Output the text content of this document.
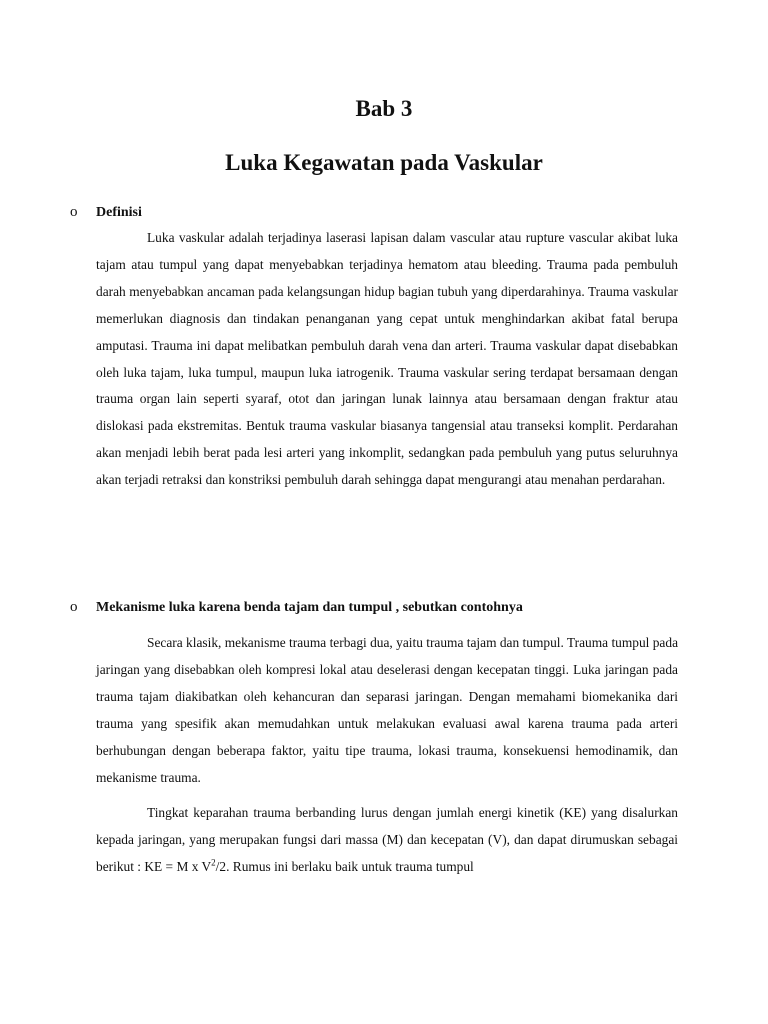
Bab 3
Luka Kegawatan pada Vaskular
o Definisi

Luka vaskular adalah terjadinya laserasi lapisan dalam vascular atau rupture vascular akibat luka tajam atau tumpul yang dapat menyebabkan terjadinya hematom atau bleeding. Trauma pada pembuluh darah menyebabkan ancaman pada kelangsungan hidup bagian tubuh yang diperdarahinya. Trauma vaskular memerlukan diagnosis dan tindakan penanganan yang cepat untuk menghindarkan akibat fatal berupa amputasi. Trauma ini dapat melibatkan pembuluh darah vena dan arteri. Trauma vaskular dapat disebabkan oleh luka tajam, luka tumpul, maupun luka iatrogenik. Trauma vaskular sering terdapat bersamaan dengan trauma organ lain seperti syaraf, otot dan jaringan lunak lainnya atau bersamaan dengan fraktur atau dislokasi pada ekstremitas. Bentuk trauma vaskular biasanya tangensial atau transeksi komplit. Perdarahan akan menjadi lebih berat pada lesi arteri yang inkomplit, sedangkan pada pembuluh yang putus seluruhnya akan terjadi retraksi dan konstriksi pembuluh darah sehingga dapat mengurangi atau menahan perdarahan.

o Mekanisme luka karena benda tajam dan tumpul , sebutkan contohnya

Secara klasik, mekanisme trauma terbagi dua, yaitu trauma tajam dan tumpul. Trauma tumpul pada jaringan yang disebabkan oleh kompresi lokal atau deselerasi dengan kecepatan tinggi. Luka jaringan pada trauma tajam diakibatkan oleh kehancuran dan separasi jaringan. Dengan memahami biomekanika dari trauma yang spesifik akan memudahkan untuk melakukan evaluasi awal karena trauma pada arteri berhubungan dengan beberapa faktor, yaitu tipe trauma, lokasi trauma, konsekuensi hemodinamik, dan mekanisme trauma.

Tingkat keparahan trauma berbanding lurus dengan jumlah energi kinetik (KE) yang disalurkan kepada jaringan, yang merupakan fungsi dari massa (M) dan kecepatan (V), dan dapat dirumuskan sebagai berikut : KE = M x $V^2/2$. Rumus ini berlaku baik untuk trauma tumpul
